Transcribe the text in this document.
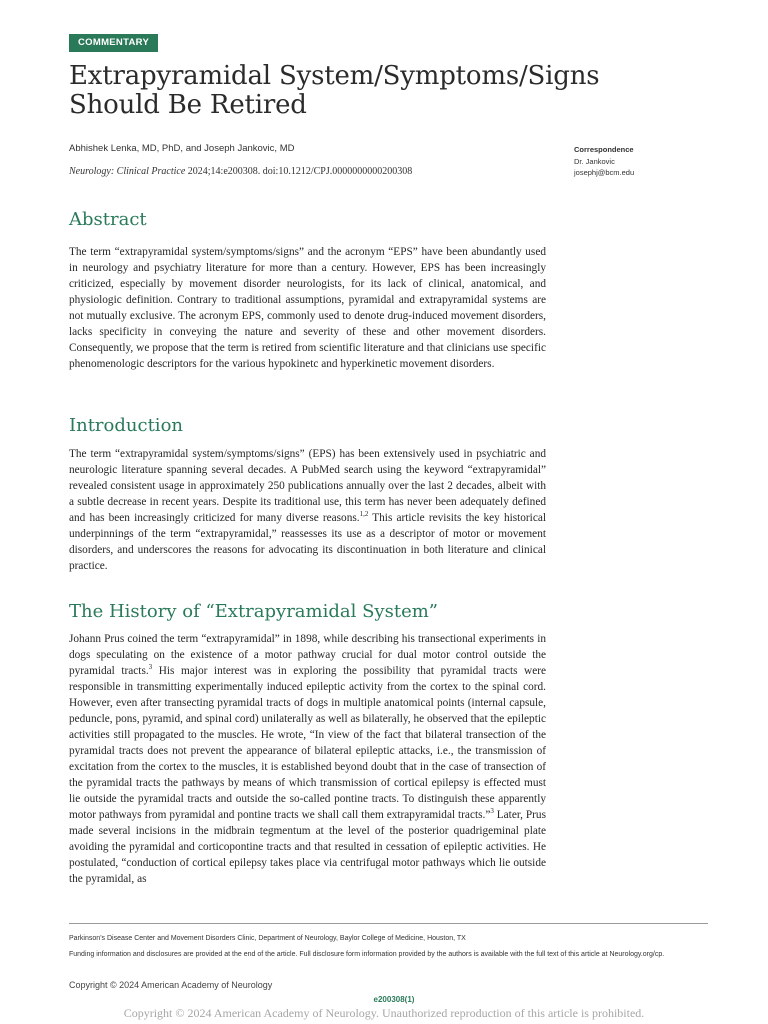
COMMENTARY
Extrapyramidal System/Symptoms/Signs Should Be Retired
Abhishek Lenka, MD, PhD, and Joseph Jankovic, MD
Neurology: Clinical Practice 2024;14:e200308. doi:10.1212/CPJ.0000000000200308
Correspondence
Dr. Jankovic
josephj@bcm.edu
Abstract

The term “extrapyramidal system/symptoms/signs” and the acronym “EPS” have been abundantly used in neurology and psychiatry literature for more than a century. However, EPS has been increasingly criticized, especially by movement disorder neurologists, for its lack of clinical, anatomical, and physiologic definition. Contrary to traditional assumptions, pyramidal and extrapyramidal systems are not mutually exclusive. The acronym EPS, commonly used to denote drug-induced movement disorders, lacks specificity in conveying the nature and severity of these and other movement disorders. Consequently, we propose that the term is retired from scientific literature and that clinicians use specific phenomenologic descriptors for the various hypokinetc and hyperkinetic movement disorders.

Introduction

The term “extrapyramidal system/symptoms/signs” (EPS) has been extensively used in psychiatric and neurologic literature spanning several decades. A PubMed search using the keyword “extrapyramidal” revealed consistent usage in approximately 250 publications annually over the last 2 decades, albeit with a subtle decrease in recent years. Despite its traditional use, this term has never been adequately defined and has been increasingly criticized for many diverse reasons.$^{1,2}$ This article revisits the key historical underpinnings of the term “extrapyramidal,” reassesses its use as a descriptor of motor or movement disorders, and underscores the reasons for advocating its discontinuation in both literature and clinical practice.

The History of “Extrapyramidal System”

Johann Prus coined the term “extrapyramidal” in 1898, while describing his transectional experiments in dogs speculating on the existence of a motor pathway crucial for dual motor control outside the pyramidal tracts.$^3$ His major interest was in exploring the possibility that pyramidal tracts were responsible in transmitting experimentally induced epileptic activity from the cortex to the spinal cord. However, even after transecting pyramidal tracts of dogs in multiple anatomical points (internal capsule, peduncle, pons, pyramid, and spinal cord) unilaterally as well as bilaterally, he observed that the epileptic activities still propagated to the muscles. He wrote, “In view of the fact that bilateral transection of the pyramidal tracts does not prevent the appearance of bilateral epileptic attacks, i.e., the transmission of excitation from the cortex to the muscles, it is established beyond doubt that in the case of transection of the pyramidal tracts the pathways by means of which transmission of cortical epilepsy is effected must lie outside the pyramidal tracts and outside the so-called pontine tracts. To distinguish these apparently motor pathways from pyramidal and pontine tracts we shall call them extrapyramidal tracts.”$^3$ Later, Prus made several incisions in the midbrain tegmentum at the level of the posterior quadrigeminal plate avoiding the pyramidal and corticopontine tracts and that resulted in cessation of epileptic activities. He postulated, “conduction of cortical epilepsy takes place via centrifugal motor pathways which lie outside the pyramidal, as

Parkinson’s Disease Center and Movement Disorders Clinic, Department of Neurology, Baylor College of Medicine, Houston, TX
Funding information and disclosures are provided at the end of the article. Full disclosure form information provided by the authors is available with the full text of this article at Neurology.org/cp.
Copyright © 2024 American Academy of Neurology
e200308(1)
Copyright © 2024 American Academy of Neurology. Unauthorized reproduction of this article is prohibited.
